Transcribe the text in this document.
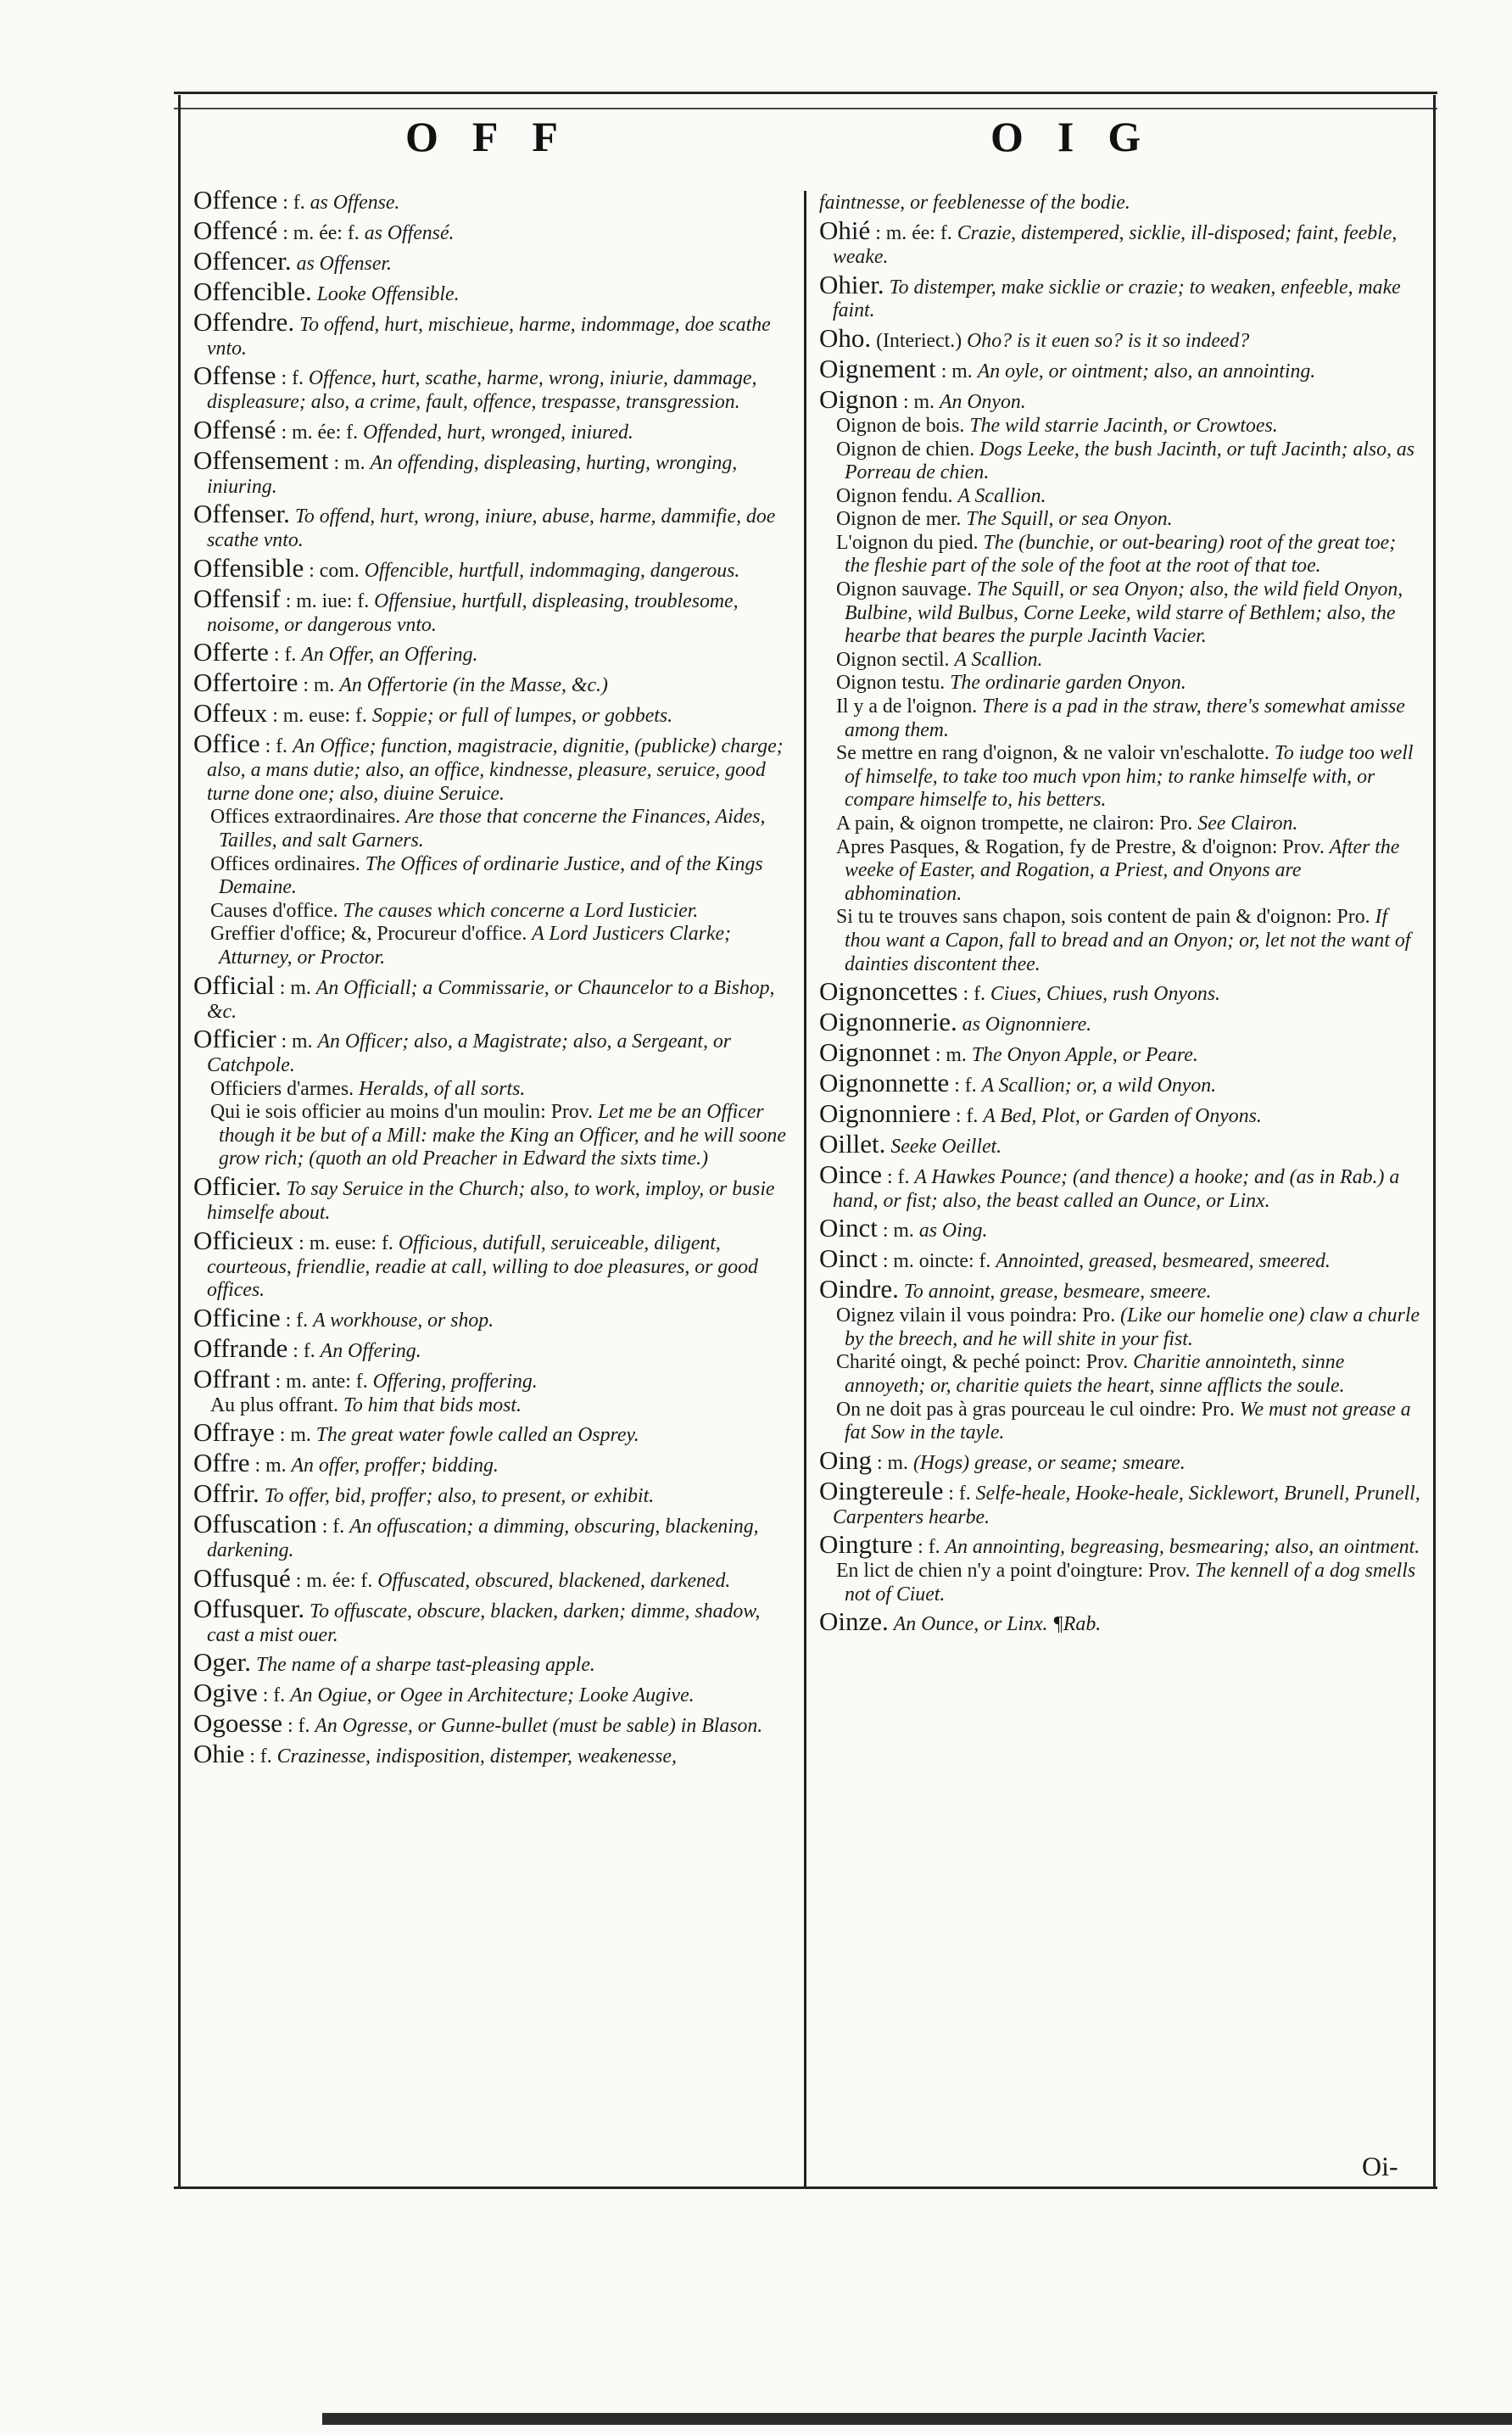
OFF	OIG

Offence : f. as Offense.

Offencé : m. ée: f. as Offensé.

Offencer. as Offenser.

Offencible. Looke Offensible.

Offendre. To offend, hurt, mischieue, harme, indommage, doe scathe vnto.

Offense : f. Offence, hurt, scathe, harme, wrong, iniurie, dammage, displeasure; also, a crime, fault, offence, trespasse, transgression.

Offensé : m. ée: f. Offended, hurt, wronged, iniured.

Offensement : m. An offending, displeasing, hurting, wronging, iniuring.

Offenser. To offend, hurt, wrong, iniure, abuse, harme, dammifie, doe scathe vnto.

Offensible : com. Offencible, hurtfull, indommaging, dangerous.

Offensif : m. iue: f. Offensiue, hurtfull, displeasing, troublesome, noisome, or dangerous vnto.

Offerte : f. An Offer, an Offering.

Offertoire : m. An Offertorie (in the Masse, &c.)

Offeux : m. euse: f. Soppie; or full of lumpes, or gobbets.

Office : f. An Office; function, magistracie, dignitie, (publicke) charge; also, a mans dutie; also, an office, kindnesse, pleasure, seruice, good turne done one; also, diuine Seruice.

Offices extraordinaires. Are those that concerne the Finances, Aides, Tailles, and salt Garners.

Offices ordinaires. The Offices of ordinarie Justice, and of the Kings Demaine.

Causes d'office. The causes which concerne a Lord Iusticier.

Greffier d'office; &, Procureur d'office. A Lord Justicers Clarke; Atturney, or Proctor.

Official : m. An Officiall; a Commissarie, or Chauncelor to a Bishop, &c.

Officier : m. An Officer; also, a Magistrate; also, a Sergeant, or Catchpole.

Officiers d'armes. Heralds, of all sorts.

Qui ie sois officier au moins d'un moulin: Prov. Let me be an Officer though it be but of a Mill: make the King an Officer, and he will soone grow rich; (quoth an old Preacher in Edward the sixts time.)

Officier. To say Seruice in the Church; also, to work, imploy, or busie himselfe about.

Officieux : m. euse: f. Officious, dutifull, seruiceable, diligent, courteous, friendlie, readie at call, willing to doe pleasures, or good offices.

Officine : f. A workhouse, or shop.

Offrande : f. An Offering.

Offrant : m. ante: f. Offering, proffering.

Au plus offrant. To him that bids most.

Offraye : m. The great water fowle called an Osprey.

Offre : m. An offer, proffer; bidding.

Offrir. To offer, bid, proffer; also, to present, or exhibit.

Offuscation : f. An offuscation; a dimming, obscuring, blackening, darkening.

Offusqué : m. ée: f. Offuscated, obscured, blackened, darkened.

Offusquer. To offuscate, obscure, blacken, darken; dimme, shadow, cast a mist ouer.

Oger. The name of a sharpe tast-pleasing apple.

Ogive : f. An Ogiue, or Ogee in Architecture; Looke Augive.

Ogoesse : f. An Ogresse, or Gunne-bullet (must be sable) in Blason.

Ohie : f. Crazinesse, indisposition, distemper, weakenesse,

faintnesse, or feeblenesse of the bodie.

Ohié : m. ée: f. Crazie, distempered, sicklie, ill-disposed; faint, feeble, weake.

Ohier. To distemper, make sicklie or crazie; to weaken, enfeeble, make faint.

Oho. (Interiect.) Oho? is it euen so? is it so indeed?

Oignement : m. An oyle, or ointment; also, an annointing.

Oignon : m. An Onyon.

Oignon de bois. The wild starrie Jacinth, or Crowtoes.

Oignon de chien. Dogs Leeke, the bush Jacinth, or tuft Jacinth; also, as Porreau de chien.

Oignon fendu. A Scallion.

Oignon de mer. The Squill, or sea Onyon.

L'oignon du pied. The (bunchie, or out-bearing) root of the great toe; the fleshie part of the sole of the foot at the root of that toe.

Oignon sauvage. The Squill, or sea Onyon; also, the wild field Onyon, Bulbine, wild Bulbus, Corne Leeke, wild starre of Bethlem; also, the hearbe that beares the purple Jacinth Vacier.

Oignon sectil. A Scallion.

Oignon testu. The ordinarie garden Onyon.

Il y a de l'oignon. There is a pad in the straw, there's somewhat amisse among them.

Se mettre en rang d'oignon, & ne valoir vn'eschalotte. To iudge too well of himselfe, to take too much vpon him; to ranke himselfe with, or compare himselfe to, his betters.

A pain, & oignon trompette, ne clairon: Pro. See Clairon.

Apres Pasques, & Rogation, fy de Prestre, & d'oignon: Prov. After the weeke of Easter, and Rogation, a Priest, and Onyons are abhomination.

Si tu te trouves sans chapon, sois content de pain & d'oignon: Pro. If thou want a Capon, fall to bread and an Onyon; or, let not the want of dainties discontent thee.

Oignoncettes : f. Ciues, Chiues, rush Onyons.

Oignonnerie. as Oignonniere.

Oignonnet : m. The Onyon Apple, or Peare.

Oignonnette : f. A Scallion; or, a wild Onyon.

Oignonniere : f. A Bed, Plot, or Garden of Onyons.

Oillet. Seeke Oeillet.

Oince : f. A Hawkes Pounce; (and thence) a hooke; and (as in Rab.) a hand, or fist; also, the beast called an Ounce, or Linx.

Oinct : m. as Oing.

Oinct : m. oincte: f. Annointed, greased, besmeared, smeered.

Oindre. To annoint, grease, besmeare, smeere.

Oignez vilain il vous poindra: Pro. (Like our homelie one) claw a churle by the breech, and he will shite in your fist.

Charité oingt, & peché poinct: Prov. Charitie annointeth, sinne annoyeth; or, charitie quiets the heart, sinne afflicts the soule.

On ne doit pas à gras pourceau le cul oindre: Pro. We must not grease a fat Sow in the tayle.

Oing : m. (Hogs) grease, or seame; smeare.

Oingtereule : f. Selfe-heale, Hooke-heale, Sicklewort, Brunell, Prunell, Carpenters hearbe.

Oingture : f. An annointing, begreasing, besmearing; also, an ointment.

En lict de chien n'y a point d'oingture: Prov. The kennell of a dog smells not of Ciuet.

Oinze. An Ounce, or Linx. ¶Rab.

Oi-
